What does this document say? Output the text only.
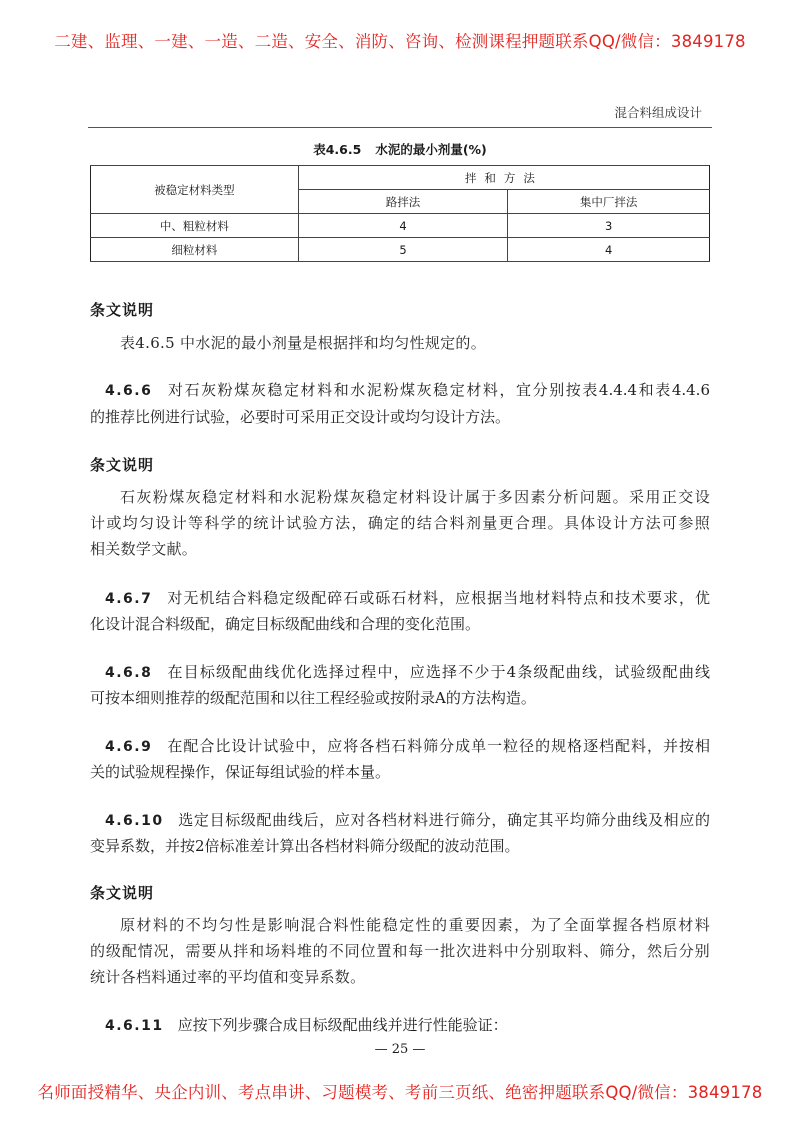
二建、监理、一建、一造、二造、安全、消防、咨询、检测课程押题联系QQ/微信：3849178
混合料组成设计
表4.6.5 水泥的最小剂量(%)
被稳定材料类型	拌和方法	
	路拌法	集中厂拌法
中、粗粒材料	4	3
细粒材料	5	4
条文说明
表4.6.5 中水泥的最小剂量是根据拌和均匀性规定的。
4.6.6 对石灰粉煤灰稳定材料和水泥粉煤灰稳定材料，宜分别按表4.4.4和表4.4.6
的推荐比例进行试验，必要时可采用正交设计或均匀设计方法。
条文说明
石灰粉煤灰稳定材料和水泥粉煤灰稳定材料设计属于多因素分析问题。采用正交设
计或均匀设计等科学的统计试验方法，确定的结合料剂量更合理。具体设计方法可参照
相关数学文献。
4.6.7 对无机结合料稳定级配碎石或砾石材料，应根据当地材料特点和技术要求，优
化设计混合料级配，确定目标级配曲线和合理的变化范围。
4.6.8 在目标级配曲线优化选择过程中，应选择不少于4条级配曲线，试验级配曲线
可按本细则推荐的级配范围和以往工程经验或按附录A的方法构造。
4.6.9 在配合比设计试验中，应将各档石料筛分成单一粒径的规格逐档配料，并按相
关的试验规程操作，保证每组试验的样本量。
4.6.10 选定目标级配曲线后，应对各档材料进行筛分，确定其平均筛分曲线及相应的
变异系数，并按2倍标准差计算出各档材料筛分级配的波动范围。
条文说明
原材料的不均匀性是影响混合料性能稳定性的重要因素，为了全面掌握各档原材料
的级配情况，需要从拌和场料堆的不同位置和每一批次进料中分别取料、筛分，然后分别
统计各档料通过率的平均值和变异系数。
4.6.11 应按下列步骤合成目标级配曲线并进行性能验证：
— 25 —
名师面授精华、央企内训、考点串讲、习题模考、考前三页纸、绝密押题联系QQ/微信：3849178
